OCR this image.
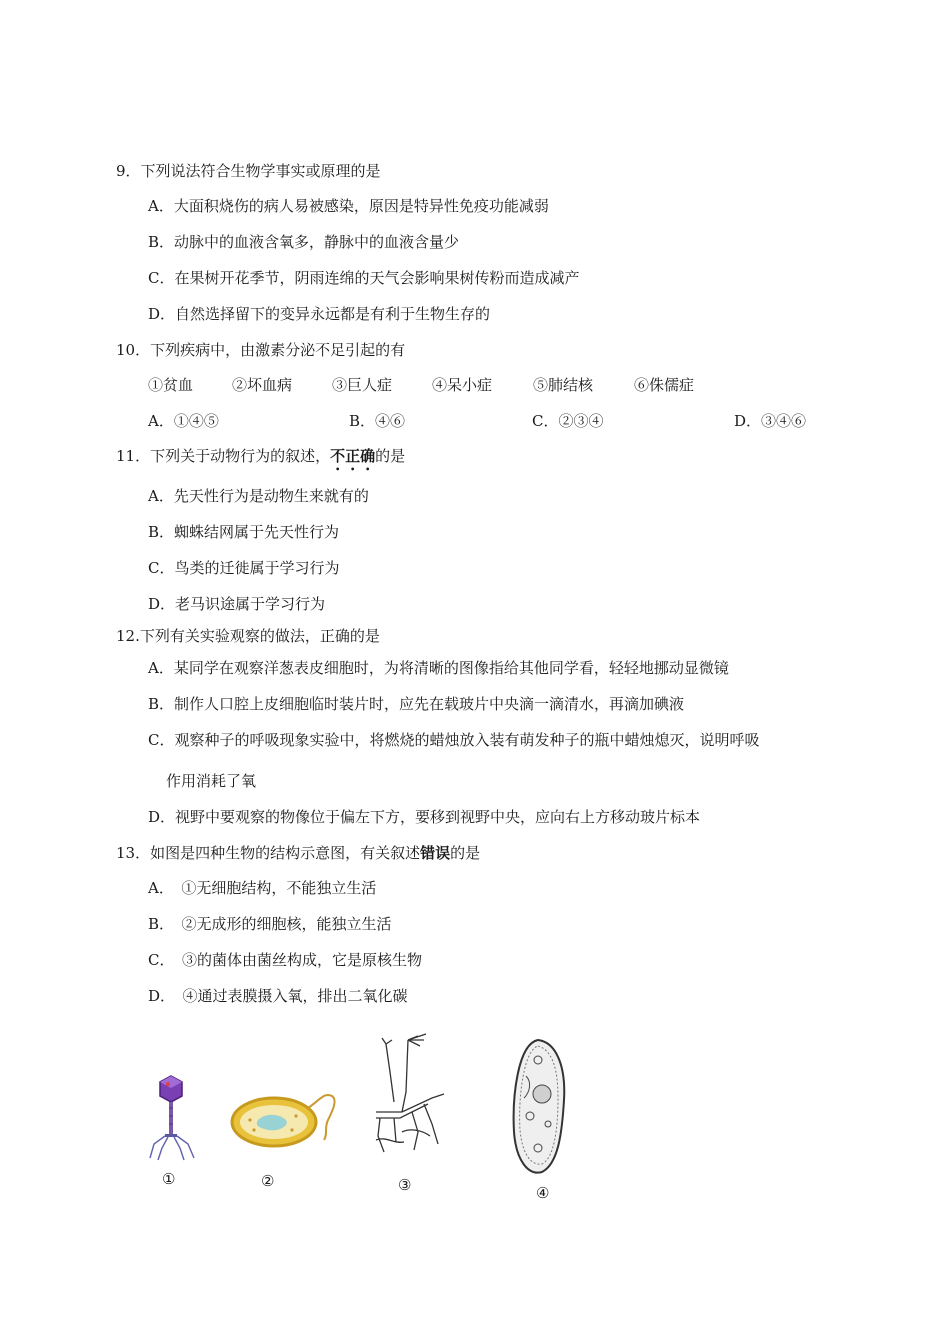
9．下列说法符合生物学事实或原理的是
A．大面积烧伤的病人易被感染，原因是特异性免疫功能减弱
B．动脉中的血液含氧多，静脉中的血液含量少
C．在果树开花季节，阴雨连绵的天气会影响果树传粉而造成减产
D．自然选择留下的变异永远都是有利于生物生存的
10．下列疾病中，由激素分泌不足引起的有
①贫血	②坏血病	③巨人症	④呆小症	⑤肺结核	⑥侏儒症
A．①④⑤	B．④⑥	C．②③④	D．③④⑥
11．下列关于动物行为的叙述，不正确的是
A．先天性行为是动物生来就有的
B．蜘蛛结网属于先天性行为
C．鸟类的迁徙属于学习行为
D．老马识途属于学习行为
12.下列有关实验观察的做法，正确的是
A．某同学在观察洋葱表皮细胞时，为将清晰的图像指给其他同学看，轻轻地挪动显微镜
B．制作人口腔上皮细胞临时装片时，应先在载玻片中央滴一滴清水，再滴加碘液
C．观察种子的呼吸现象实验中，将燃烧的蜡烛放入装有萌发种子的瓶中蜡烛熄灭，说明呼吸
作用消耗了氧
D．视野中要观察的物像位于偏左下方，要移到视野中央，应向右上方移动玻片标本
13．如图是四种生物的结构示意图，有关叙述错误的是
A．　①无细胞结构，不能独立生活
B．　②无成形的细胞核，能独立生活
C．　③的菌体由菌丝构成，它是原核生物
D．　④通过表膜摄入氧，排出二氧化碳
①	②	③	④
